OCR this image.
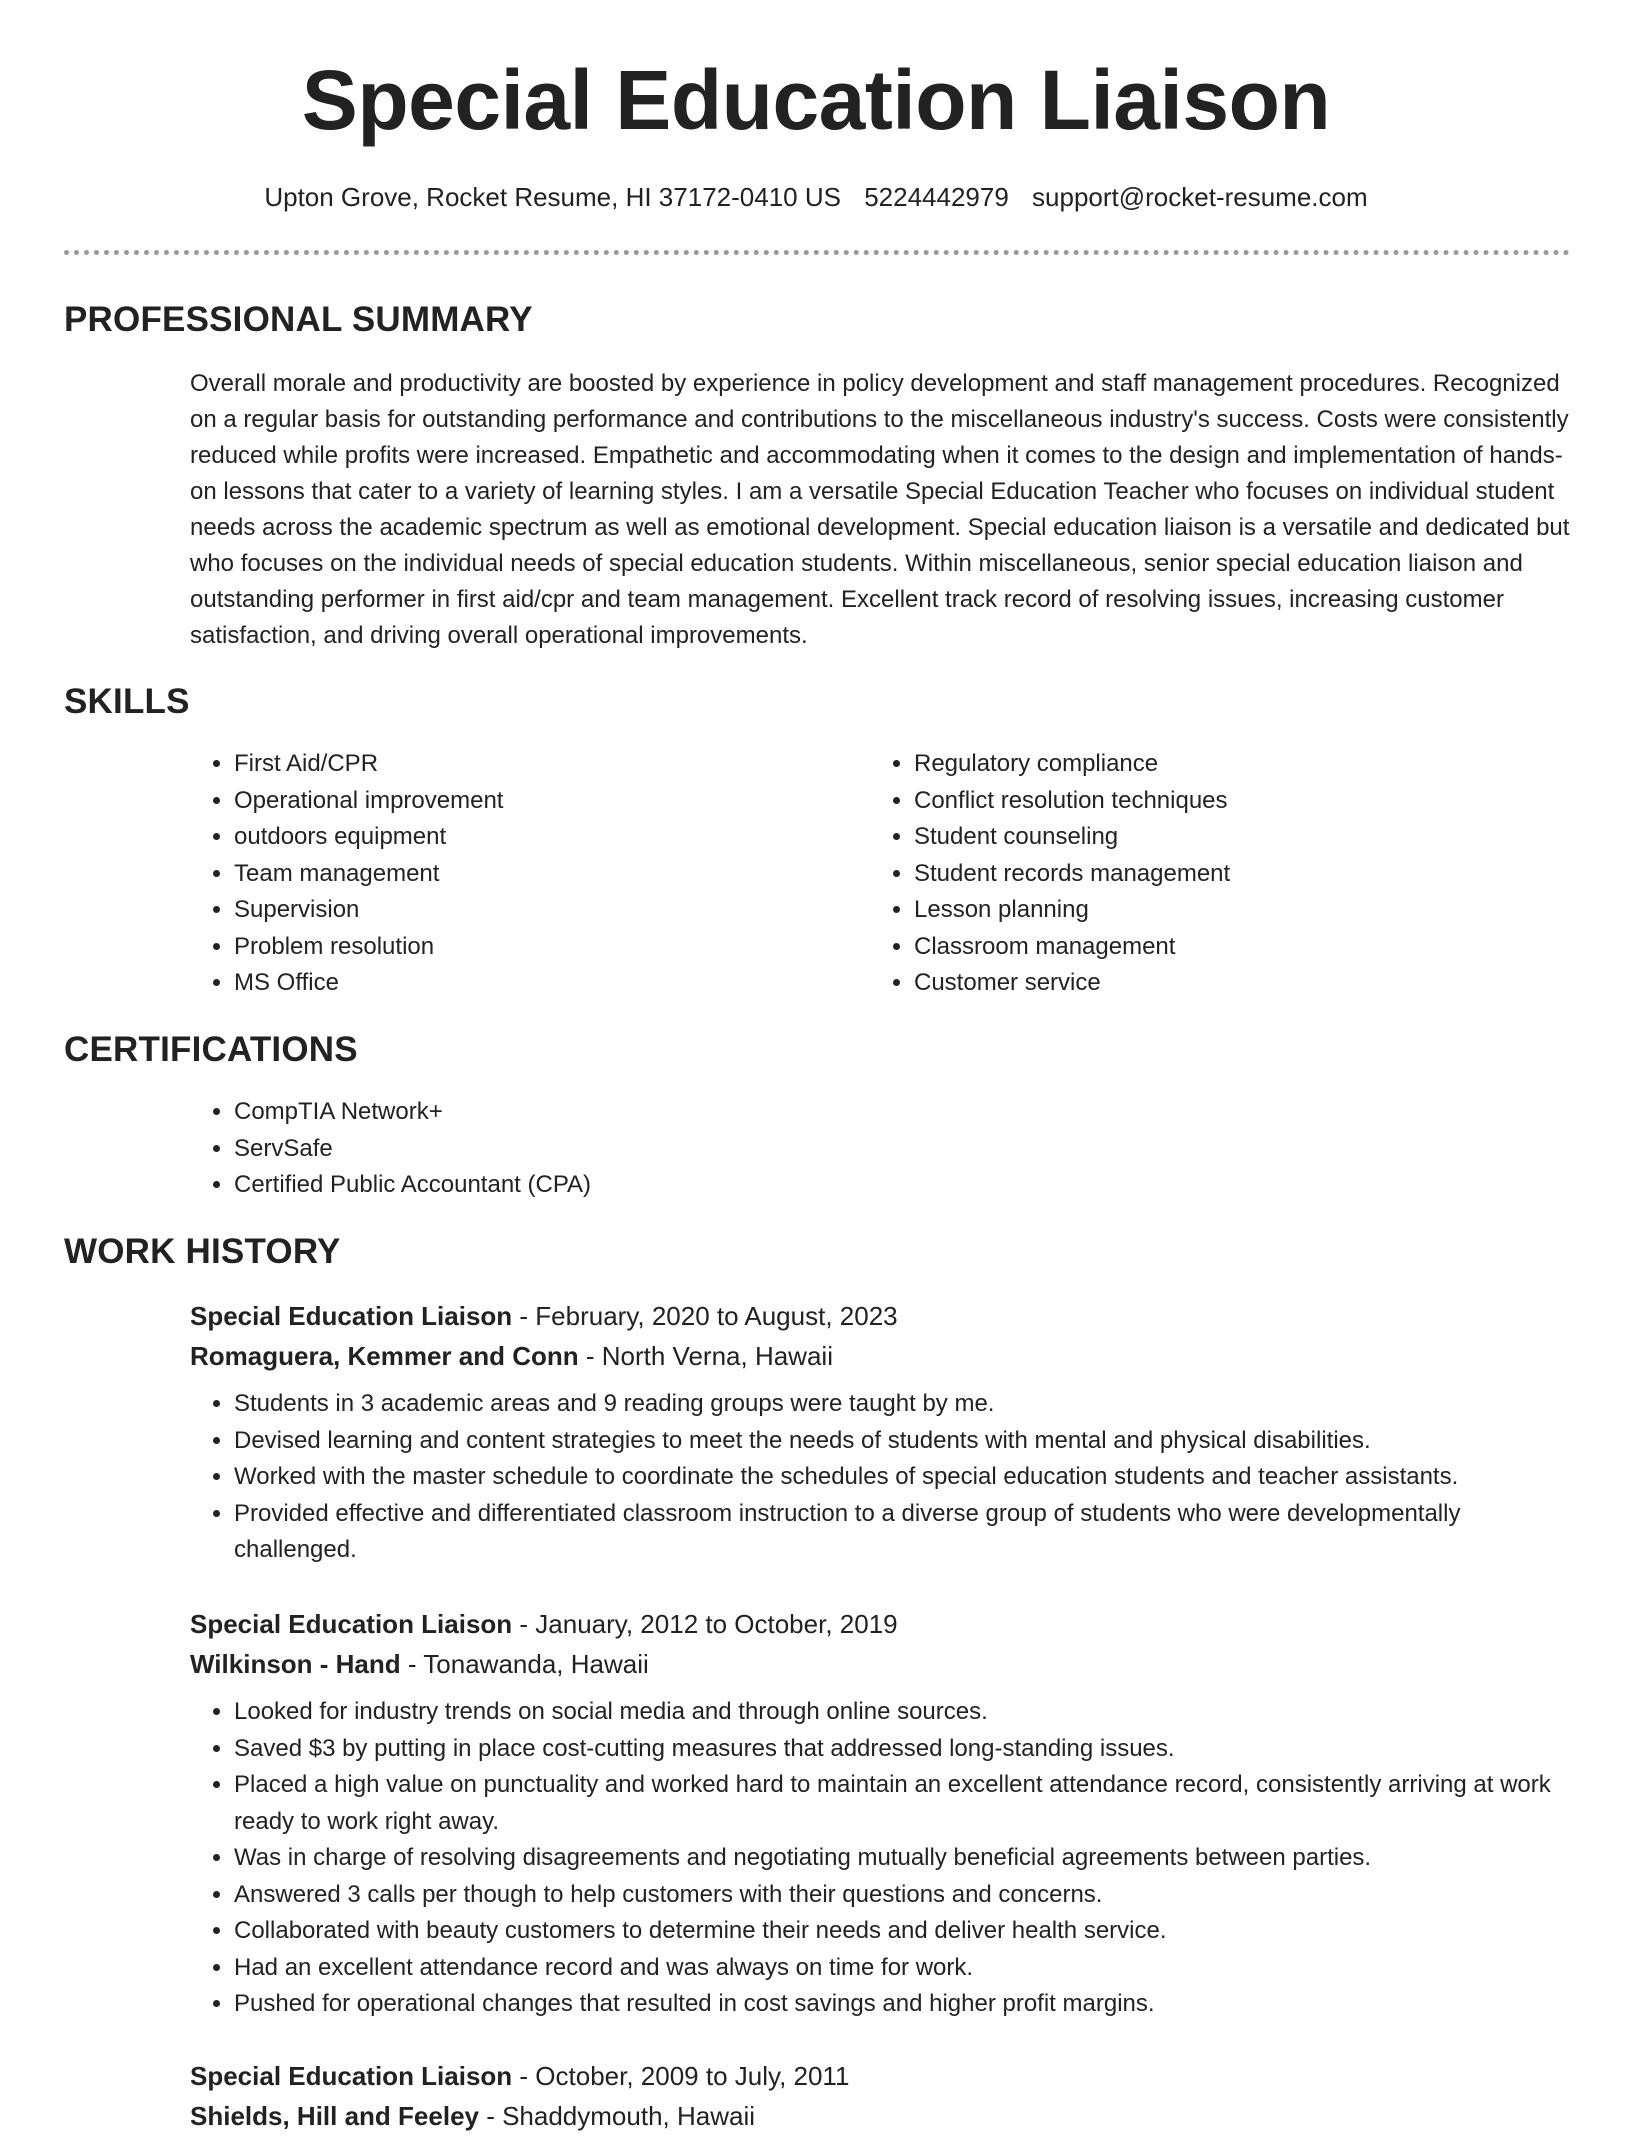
Special Education Liaison
Upton Grove, Rocket Resume, HI 37172-0410 US 5224442979 support@rocket-resume.com
PROFESSIONAL SUMMARY
Overall morale and productivity are boosted by experience in policy development and staff management procedures. Recognized on a regular basis for outstanding performance and contributions to the miscellaneous industry's success. Costs were consistently reduced while profits were increased. Empathetic and accommodating when it comes to the design and implementation of hands-on lessons that cater to a variety of learning styles. I am a versatile Special Education Teacher who focuses on individual student needs across the academic spectrum as well as emotional development. Special education liaison is a versatile and dedicated but who focuses on the individual needs of special education students. Within miscellaneous, senior special education liaison and outstanding performer in first aid/cpr and team management. Excellent track record of resolving issues, increasing customer satisfaction, and driving overall operational improvements.
SKILLS
• First Aid/CPR
• Operational improvement
• outdoors equipment
• Team management
• Supervision
• Problem resolution
• MS Office
• Regulatory compliance
• Conflict resolution techniques
• Student counseling
• Student records management
• Lesson planning
• Classroom management
• Customer service
CERTIFICATIONS
• CompTIA Network+
• ServSafe
• Certified Public Accountant (CPA)
WORK HISTORY
Special Education Liaison - February, 2020 to August, 2023
Romaguera, Kemmer and Conn - North Verna, Hawaii
• Students in 3 academic areas and 9 reading groups were taught by me.
• Devised learning and content strategies to meet the needs of students with mental and physical disabilities.
• Worked with the master schedule to coordinate the schedules of special education students and teacher assistants.
• Provided effective and differentiated classroom instruction to a diverse group of students who were developmentally challenged.
Special Education Liaison - January, 2012 to October, 2019
Wilkinson - Hand - Tonawanda, Hawaii
• Looked for industry trends on social media and through online sources.
• Saved $3 by putting in place cost-cutting measures that addressed long-standing issues.
• Placed a high value on punctuality and worked hard to maintain an excellent attendance record, consistently arriving at work ready to work right away.
• Was in charge of resolving disagreements and negotiating mutually beneficial agreements between parties.
• Answered 3 calls per though to help customers with their questions and concerns.
• Collaborated with beauty customers to determine their needs and deliver health service.
• Had an excellent attendance record and was always on time for work.
• Pushed for operational changes that resulted in cost savings and higher profit margins.
Special Education Liaison - October, 2009 to July, 2011
Shields, Hill and Feeley - Shaddymouth, Hawaii
